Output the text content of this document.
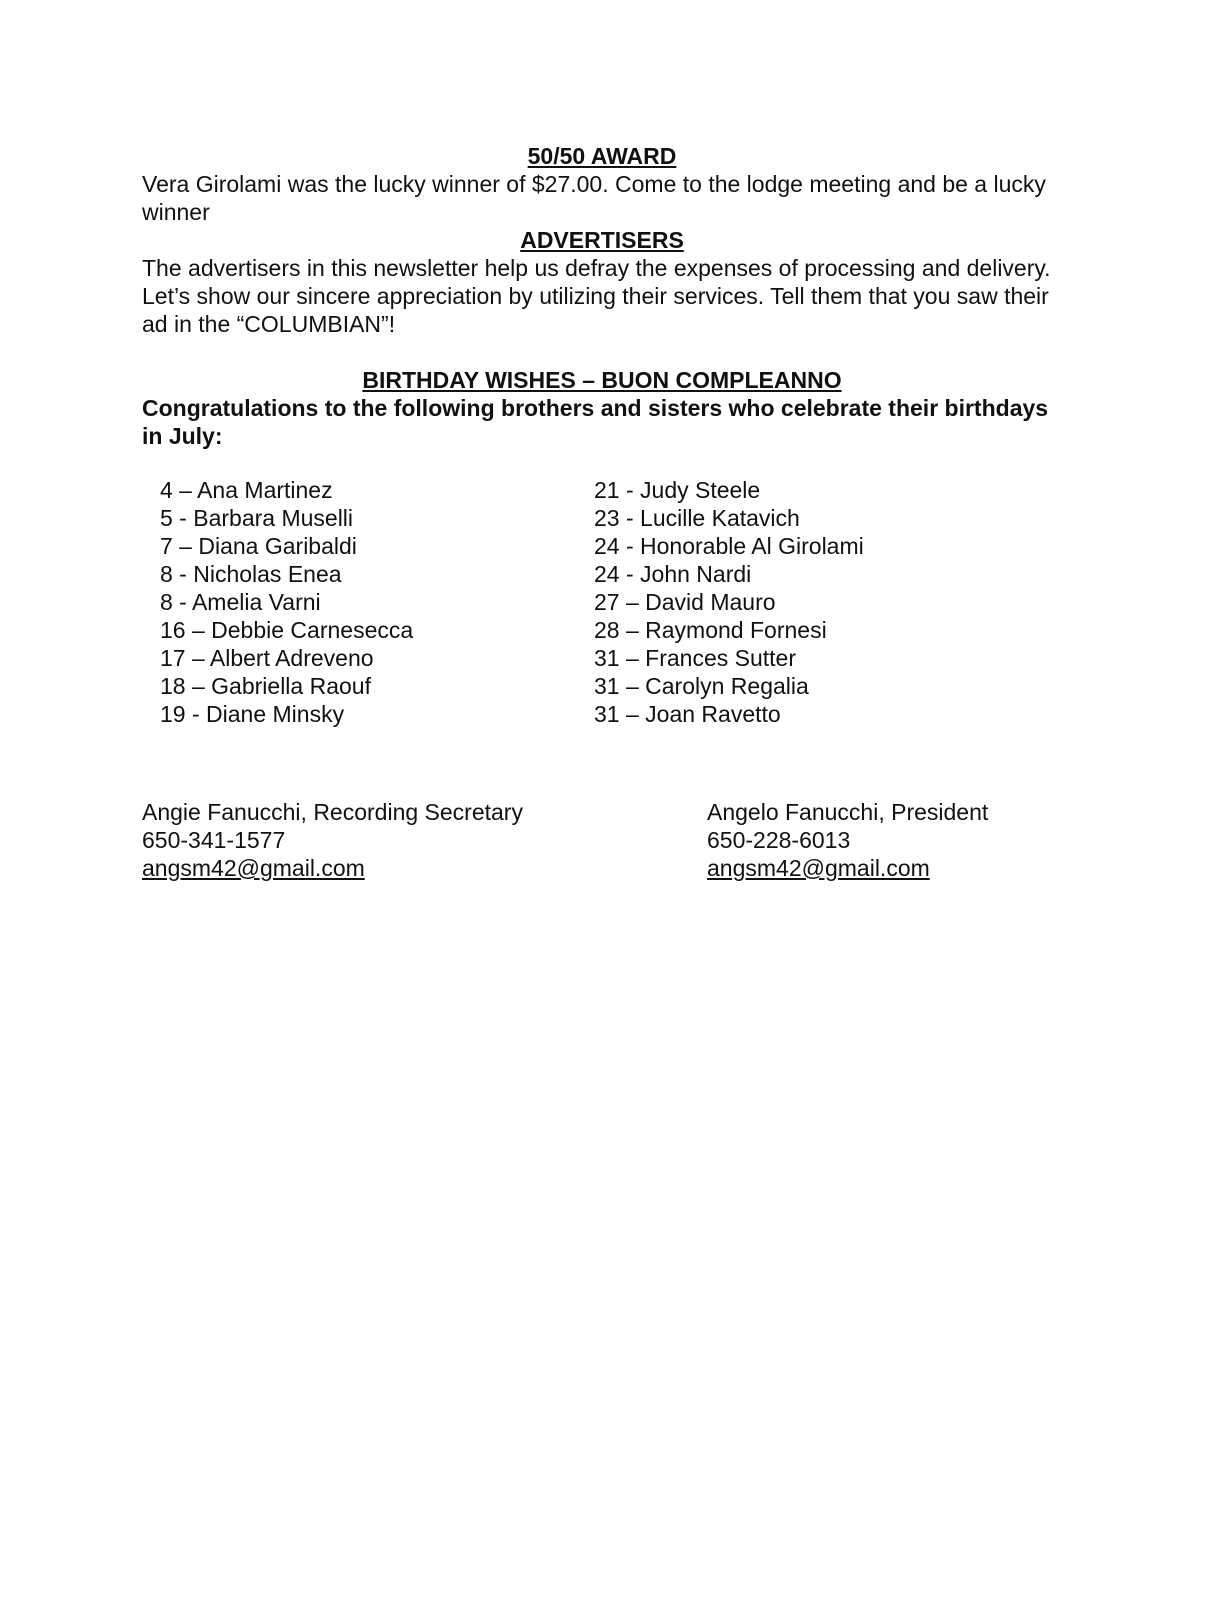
50/50 AWARD

Vera Girolami was the lucky winner of $27.00. Come to the lodge meeting and be a lucky winner

ADVERTISERS

The advertisers in this newsletter help us defray the expenses of processing and delivery. Let’s show our sincere appreciation by utilizing their services. Tell them that you saw their ad in the “COLUMBIAN”!

BIRTHDAY WISHES – BUON COMPLEANNO

Congratulations to the following brothers and sisters who celebrate their birthdays in July:

4 – Ana Martinez
5 - Barbara Muselli
7 – Diana Garibaldi
8 - Nicholas Enea
8 - Amelia Varni
16 – Debbie Carnesecca
17 – Albert Adreveno
18 – Gabriella Raouf
19 - Diane Minsky
21 - Judy Steele
23 - Lucille Katavich
24 - Honorable Al Girolami
24 - John Nardi
27 – David Mauro
28 – Raymond Fornesi
31 – Frances Sutter
31 – Carolyn Regalia
31 – Joan Ravetto
Angie Fanucchi, Recording Secretary
650-341-1577
angsm42@gmail.com
Angelo Fanucchi, President
650-228-6013
angsm42@gmail.com
